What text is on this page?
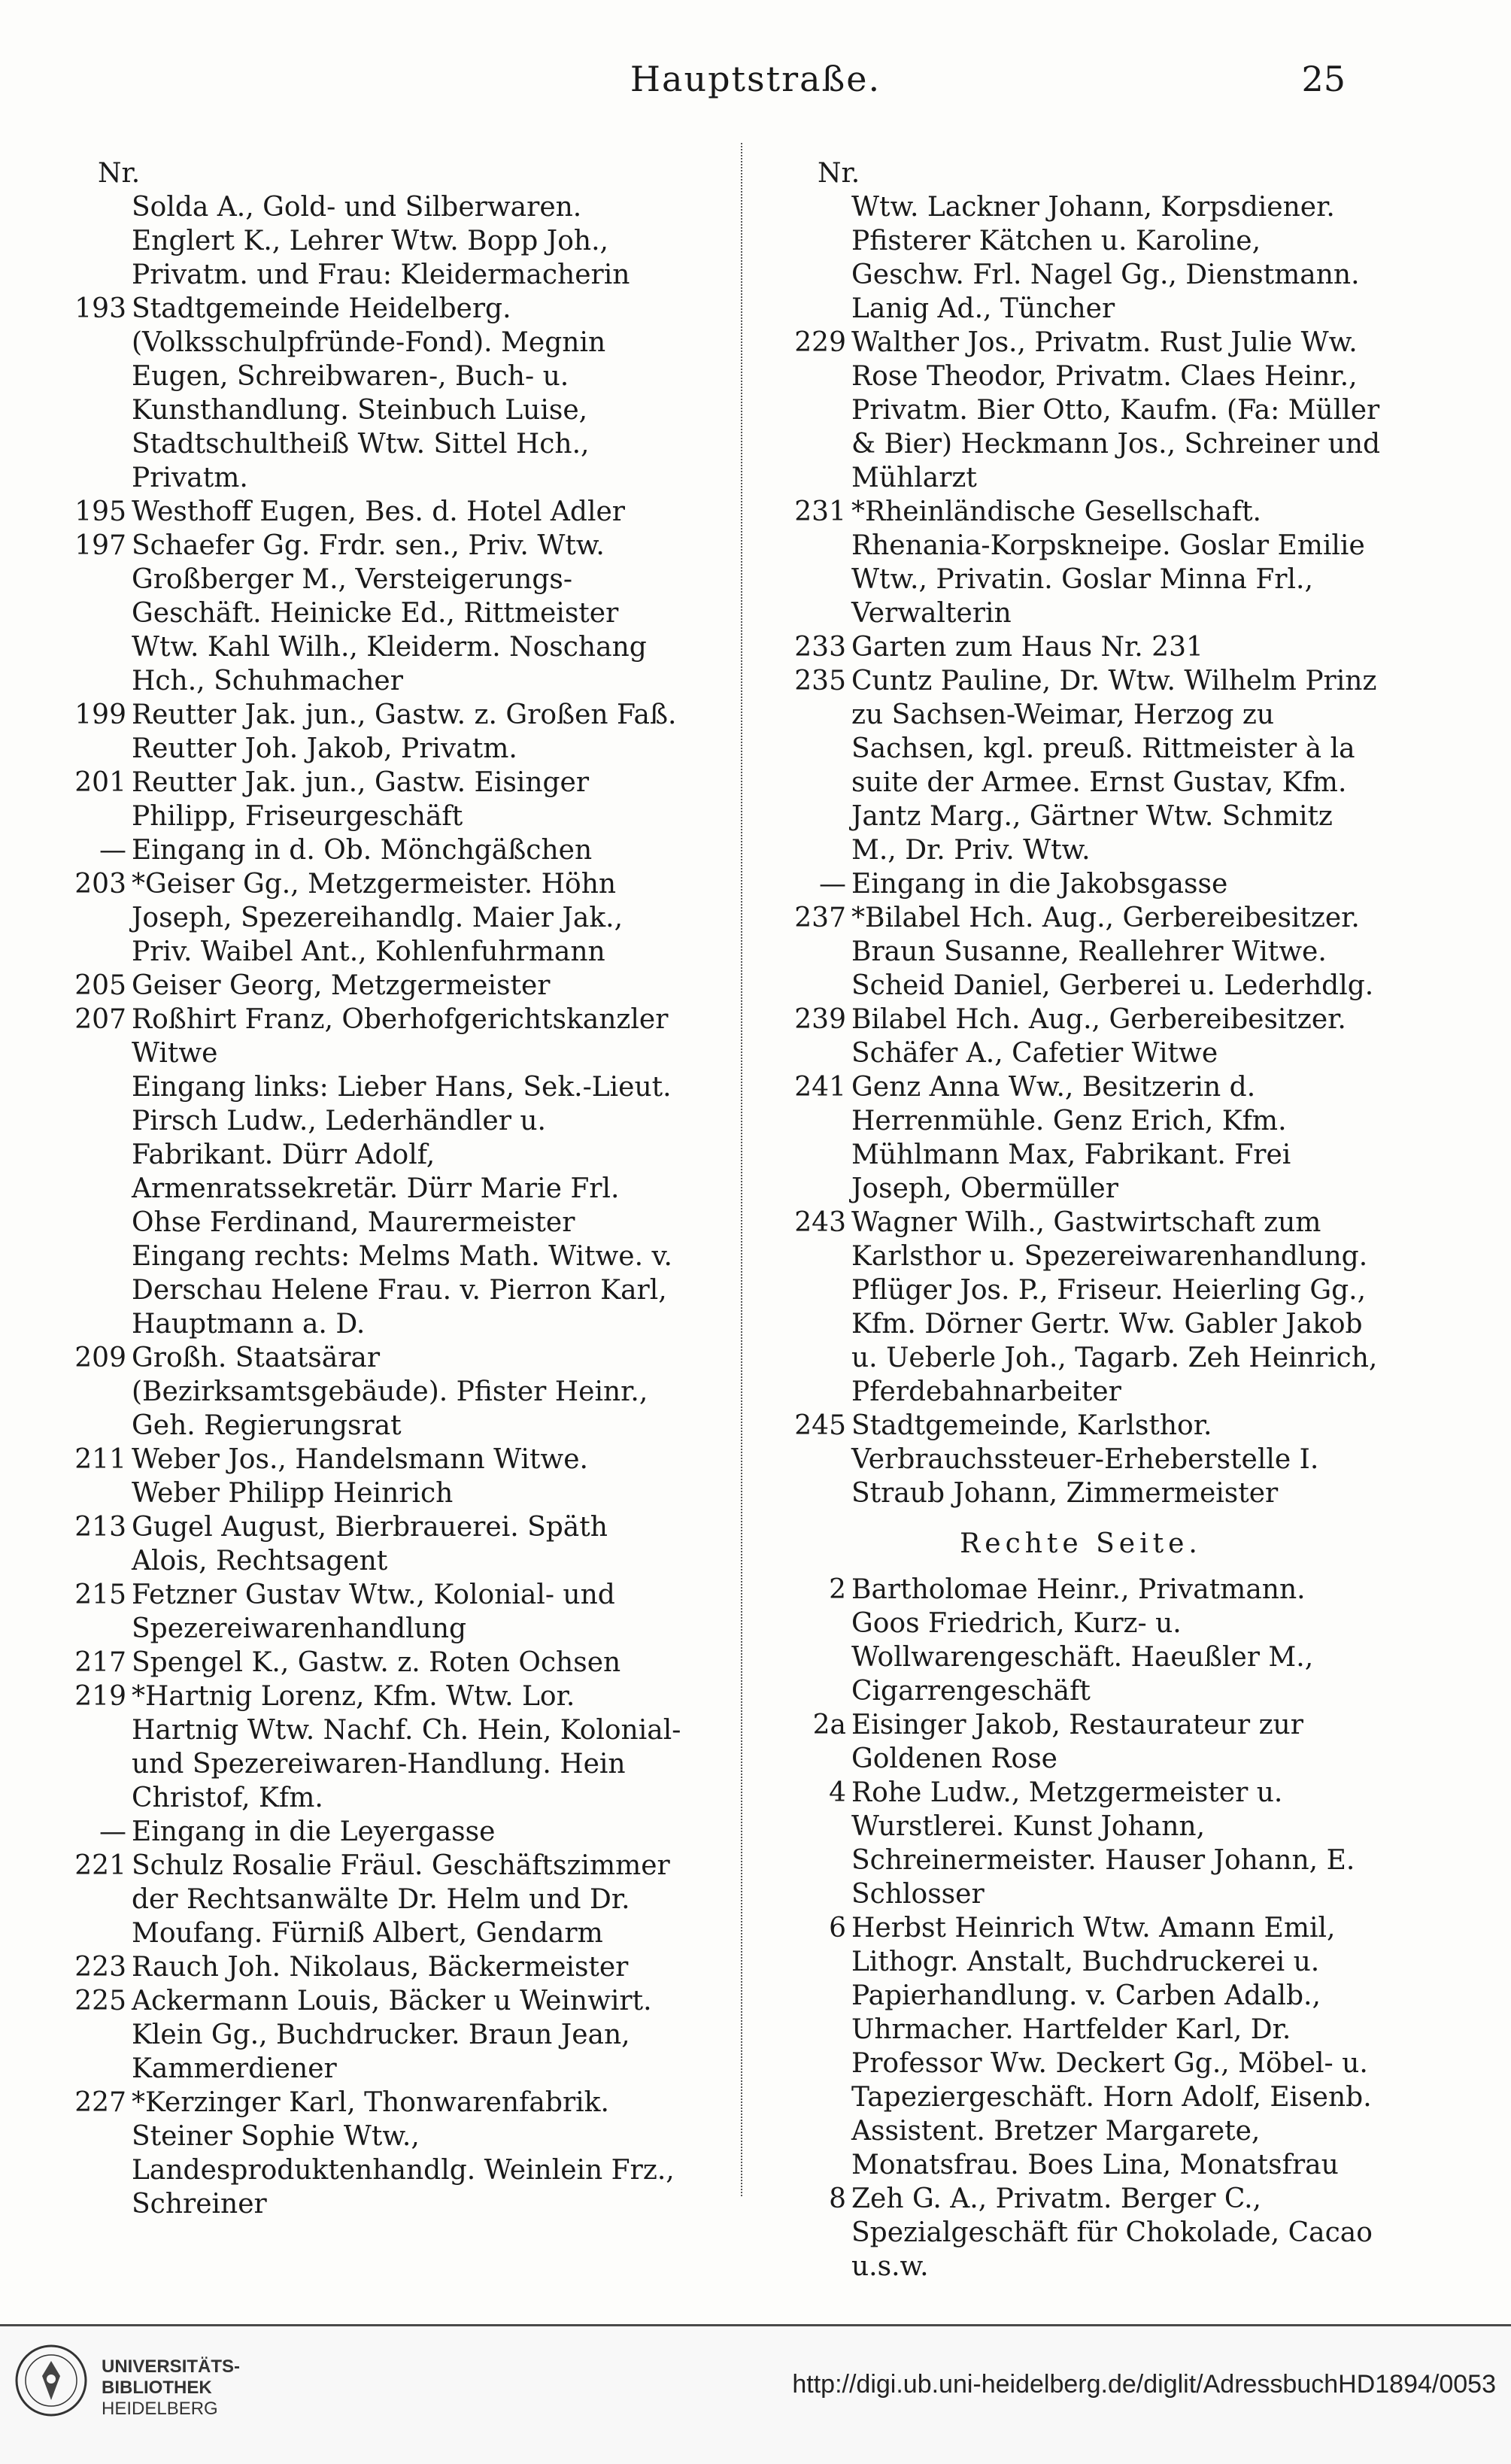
Hauptstraße.	25
Nr.
Solda A., Gold- und Silberwaren. Englert K., Lehrer Wtw. Bopp Joh., Privatm. und Frau: Kleidermacherin
193 Stadtgemeinde Heidelberg. (Volksschulpfründe-Fond). Megnin Eugen, Schreibwaren-, Buch- u. Kunsthandlung. Steinbuch Luise, Stadtschultheiß Wtw. Sittel Hch., Privatm.
195 Westhoff Eugen, Bes. d. Hotel Adler
197 Schaefer Gg. Frdr. sen., Priv. Wtw. Großberger M., Versteigerungs-Geschäft. Heinicke Ed., Rittmeister Wtw. Kahl Wilh., Kleiderm. Noschang Hch., Schuhmacher
199 Reutter Jak. jun., Gastw. z. Großen Faß. Reutter Joh. Jakob, Privatm.
201 Reutter Jak. jun., Gastw. Eisinger Philipp, Friseurgeschäft
— Eingang in d. Ob. Mönchgäßchen
203 *Geiser Gg., Metzgermeister. Höhn Joseph, Spezereihandlg. Maier Jak., Priv. Waibel Ant., Kohlenfuhrmann
205 Geiser Georg, Metzgermeister
207 Roßhirt Franz, Oberhofgerichtskanzler Witwe
Eingang links: Lieber Hans, Sek.-Lieut. Pirsch Ludw., Lederhändler u. Fabrikant. Dürr Adolf, Armenratssekretär. Dürr Marie Frl. Ohse Ferdinand, Maurermeister
Eingang rechts: Melms Math. Witwe. v. Derschau Helene Frau. v. Pierron Karl, Hauptmann a. D.
209 Großh. Staatsärar (Bezirksamtsgebäude). Pfister Heinr., Geh. Regierungsrat
211 Weber Jos., Handelsmann Witwe. Weber Philipp Heinrich
213 Gugel August, Bierbrauerei. Späth Alois, Rechtsagent
215 Fetzner Gustav Wtw., Kolonial- und Spezereiwarenhandlung
217 Spengel K., Gastw. z. Roten Ochsen
219 *Hartnig Lorenz, Kfm. Wtw. Lor. Hartnig Wtw. Nachf. Ch. Hein, Kolonial- und Spezereiwaren-Handlung. Hein Christof, Kfm.
— Eingang in die Leyergasse
221 Schulz Rosalie Fräul. Geschäftszimmer der Rechtsanwälte Dr. Helm und Dr. Moufang. Fürniß Albert, Gendarm
223 Rauch Joh. Nikolaus, Bäckermeister
225 Ackermann Louis, Bäcker u Weinwirt. Klein Gg., Buchdrucker. Braun Jean, Kammerdiener
227 *Kerzinger Karl, Thonwarenfabrik. Steiner Sophie Wtw., Landesproduktenhandlg. Weinlein Frz., Schreiner
Nr.
Wtw. Lackner Johann, Korpsdiener. Pfisterer Kätchen u. Karoline, Geschw. Frl. Nagel Gg., Dienstmann. Lanig Ad., Tüncher
229 Walther Jos., Privatm. Rust Julie Ww. Rose Theodor, Privatm. Claes Heinr., Privatm. Bier Otto, Kaufm. (Fa: Müller & Bier) Heckmann Jos., Schreiner und Mühlarzt
231 *Rheinländische Gesellschaft. Rhenania-Korpskneipe. Goslar Emilie Wtw., Privatin. Goslar Minna Frl., Verwalterin
233 Garten zum Haus Nr. 231
235 Cuntz Pauline, Dr. Wtw. Wilhelm Prinz zu Sachsen-Weimar, Herzog zu Sachsen, kgl. preuß. Rittmeister à la suite der Armee. Ernst Gustav, Kfm. Jantz Marg., Gärtner Wtw. Schmitz M., Dr. Priv. Wtw.
— Eingang in die Jakobsgasse
237 *Bilabel Hch. Aug., Gerbereibesitzer. Braun Susanne, Reallehrer Witwe. Scheid Daniel, Gerberei u. Lederhdlg.
239 Bilabel Hch. Aug., Gerbereibesitzer. Schäfer A., Cafetier Witwe
241 Genz Anna Ww., Besitzerin d. Herrenmühle. Genz Erich, Kfm. Mühlmann Max, Fabrikant. Frei Joseph, Obermüller
243 Wagner Wilh., Gastwirtschaft zum Karlsthor u. Spezereiwarenhandlung. Pflüger Jos. P., Friseur. Heierling Gg., Kfm. Dörner Gertr. Ww. Gabler Jakob u. Ueberle Joh., Tagarb. Zeh Heinrich, Pferdebahnarbeiter
245 Stadtgemeinde, Karlsthor. Verbrauchssteuer-Erheberstelle I. Straub Johann, Zimmermeister
Rechte Seite.
2 Bartholomae Heinr., Privatmann. Goos Friedrich, Kurz- u. Wollwarengeschäft. Haeußler M., Cigarrengeschäft
2a Eisinger Jakob, Restaurateur zur Goldenen Rose
4 Rohe Ludw., Metzgermeister u. Wurstlerei. Kunst Johann, Schreinermeister. Hauser Johann, E. Schlosser
6 Herbst Heinrich Wtw. Amann Emil, Lithogr. Anstalt, Buchdruckerei u. Papierhandlung. v. Carben Adalb., Uhrmacher. Hartfelder Karl, Dr. Professor Ww. Deckert Gg., Möbel- u. Tapeziergeschäft. Horn Adolf, Eisenb. Assistent. Bretzer Margarete, Monatsfrau. Boes Lina, Monatsfrau
8 Zeh G. A., Privatm. Berger C., Spezialgeschäft für Chokolade, Cacao u.s.w.
UNIVERSITÄTS-
BIBLIOTHEK
HEIDELBERG
http://digi.ub.uni-heidelberg.de/diglit/AdressbuchHD1894/0053
